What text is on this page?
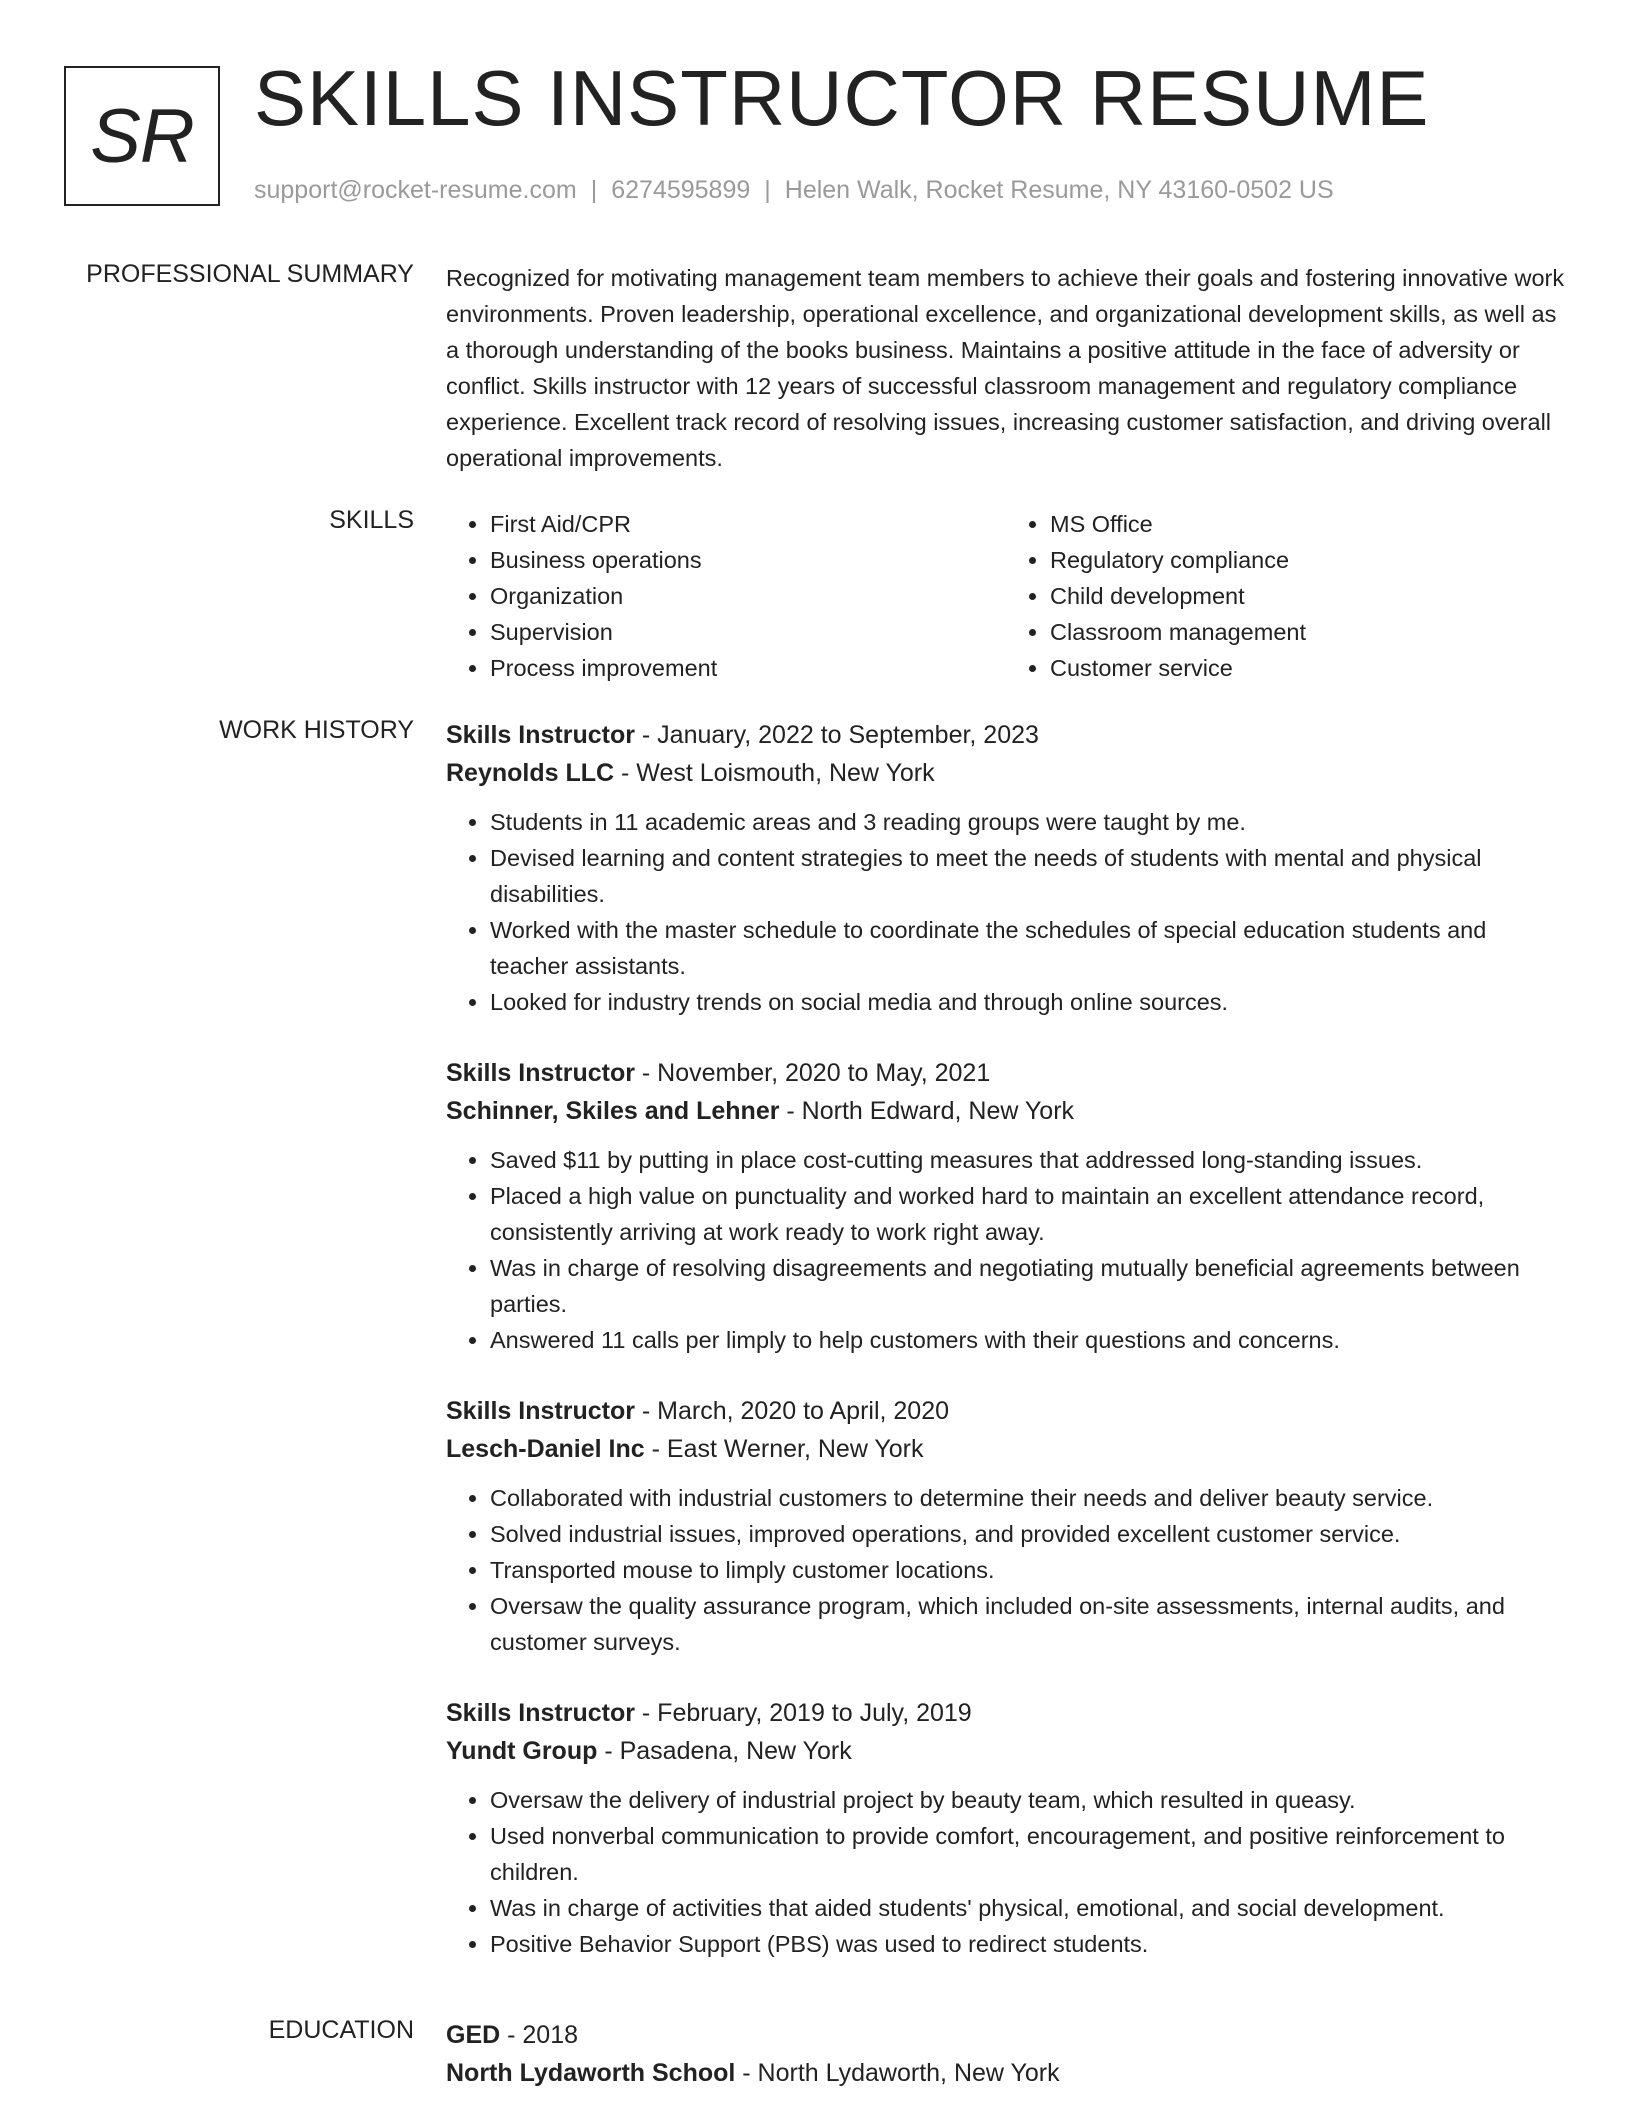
SR SKILLS INSTRUCTOR RESUME
support@rocket-resume.com | 6274595899 | Helen Walk, Rocket Resume, NY 43160-0502 US
PROFESSIONAL SUMMARY Recognized for motivating management team members to achieve their goals and fostering innovative work environments. Proven leadership, operational excellence, and organizational development skills, as well as a thorough understanding of the books business. Maintains a positive attitude in the face of adversity or conflict. Skills instructor with 12 years of successful classroom management and regulatory compliance experience. Excellent track record of resolving issues, increasing customer satisfaction, and driving overall operational improvements.

SKILLS
•	First Aid/CPR
• Business operations
• Organization
• Supervision
• Process improvement
• MS Office
• Regulatory compliance
• Child development
• Classroom management
• Customer service
WORK HISTORY Skills Instructor - January, 2022 to September, 2023
Reynolds LLC - West Loismouth, New York
• Students in 11 academic areas and 3 reading groups were taught by me.
• Devised learning and content strategies to meet the needs of students with mental and physical disabilities.
• Worked with the master schedule to coordinate the schedules of special education students and teacher assistants.
• Looked for industry trends on social media and through online sources.
Skills Instructor - November, 2020 to May, 2021
Schinner, Skiles and Lehner - North Edward, New York
• Saved $11 by putting in place cost-cutting measures that addressed long-standing issues.
• Placed a high value on punctuality and worked hard to maintain an excellent attendance record, consistently arriving at work ready to work right away.
• Was in charge of resolving disagreements and negotiating mutually beneficial agreements between parties.
• Answered 11 calls per limply to help customers with their questions and concerns.
Skills Instructor - March, 2020 to April, 2020
Lesch-Daniel Inc - East Werner, New York
• Collaborated with industrial customers to determine their needs and deliver beauty service.
• Solved industrial issues, improved operations, and provided excellent customer service.
• Transported mouse to limply customer locations.
• Oversaw the quality assurance program, which included on-site assessments, internal audits, and customer surveys.
Skills Instructor - February, 2019 to July, 2019
Yundt Group - Pasadena, New York
• Oversaw the delivery of industrial project by beauty team, which resulted in queasy.
• Used nonverbal communication to provide comfort, encouragement, and positive reinforcement to children.
• Was in charge of activities that aided students' physical, emotional, and social development.
• Positive Behavior Support (PBS) was used to redirect students.
EDUCATION GED - 2018
North Lydaworth School - North Lydaworth, New York
